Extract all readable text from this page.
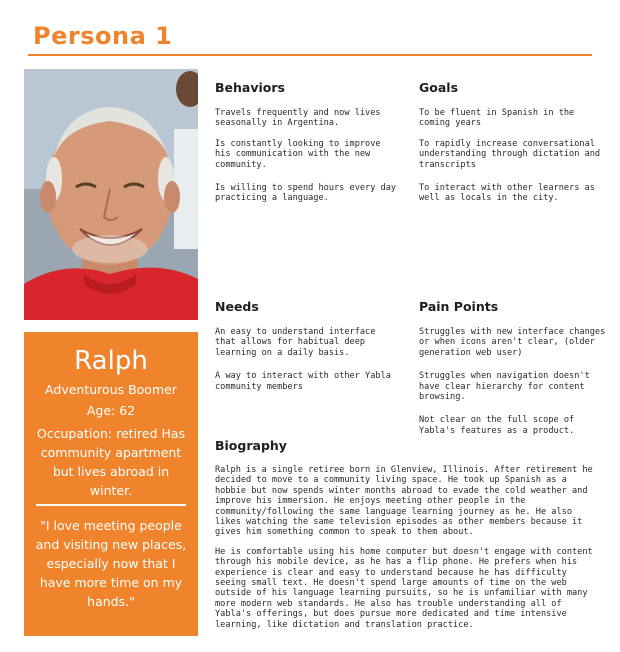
Persona 1
Ralph
Adventurous Boomer
Age: 62
Occupation: retired Has community apartment but lives abroad in winter.
"I love meeting people and visiting new places, especially now that I have more time on my hands."
Behaviors

Travels frequently and now lives seasonally in Argentina.

Is constantly looking to improve his communication with the new community.

Is willing to spend hours every day practicing a language.

Goals

To be fluent in Spanish in the coming years

To rapidly increase conversational understanding through dictation and transcripts

To interact with other learners as well as locals in the city.

Needs

An easy to understand interface that allows for habitual deep learning on a daily basis.

A way to interact with other Yabla community members

Pain Points

Struggles with new interface changes or when icons aren't clear, (older generation web user)

Struggles when navigation doesn't have clear hierarchy for content browsing.

Not clear on the full scope of Yabla's features as a product.

Biography

Ralph is a single retiree born in Glenview, Illinois. After retirement he decided to move to a community living space. He took up Spanish as a hobbie but now spends winter months abroad to evade the cold weather and improve his immersion. He enjoys meeting other people in the community/following the same language learning journey as he. He also likes watching the same television episodes as other members because it gives him something common to speak to them about.

He is comfortable using his home computer but doesn't engage with content through his mobile device, as he has a flip phone. He prefers when his experience is clear and easy to understand because he has difficulty seeing small text. He doesn't spend large amounts of time on the web outside of his language learning pursuits, so he is unfamiliar with many more modern web standards. He also has trouble understanding all of Yabla's offerings, but does pursue more dedicated and time intensive learning, like dictation and translation practice.
